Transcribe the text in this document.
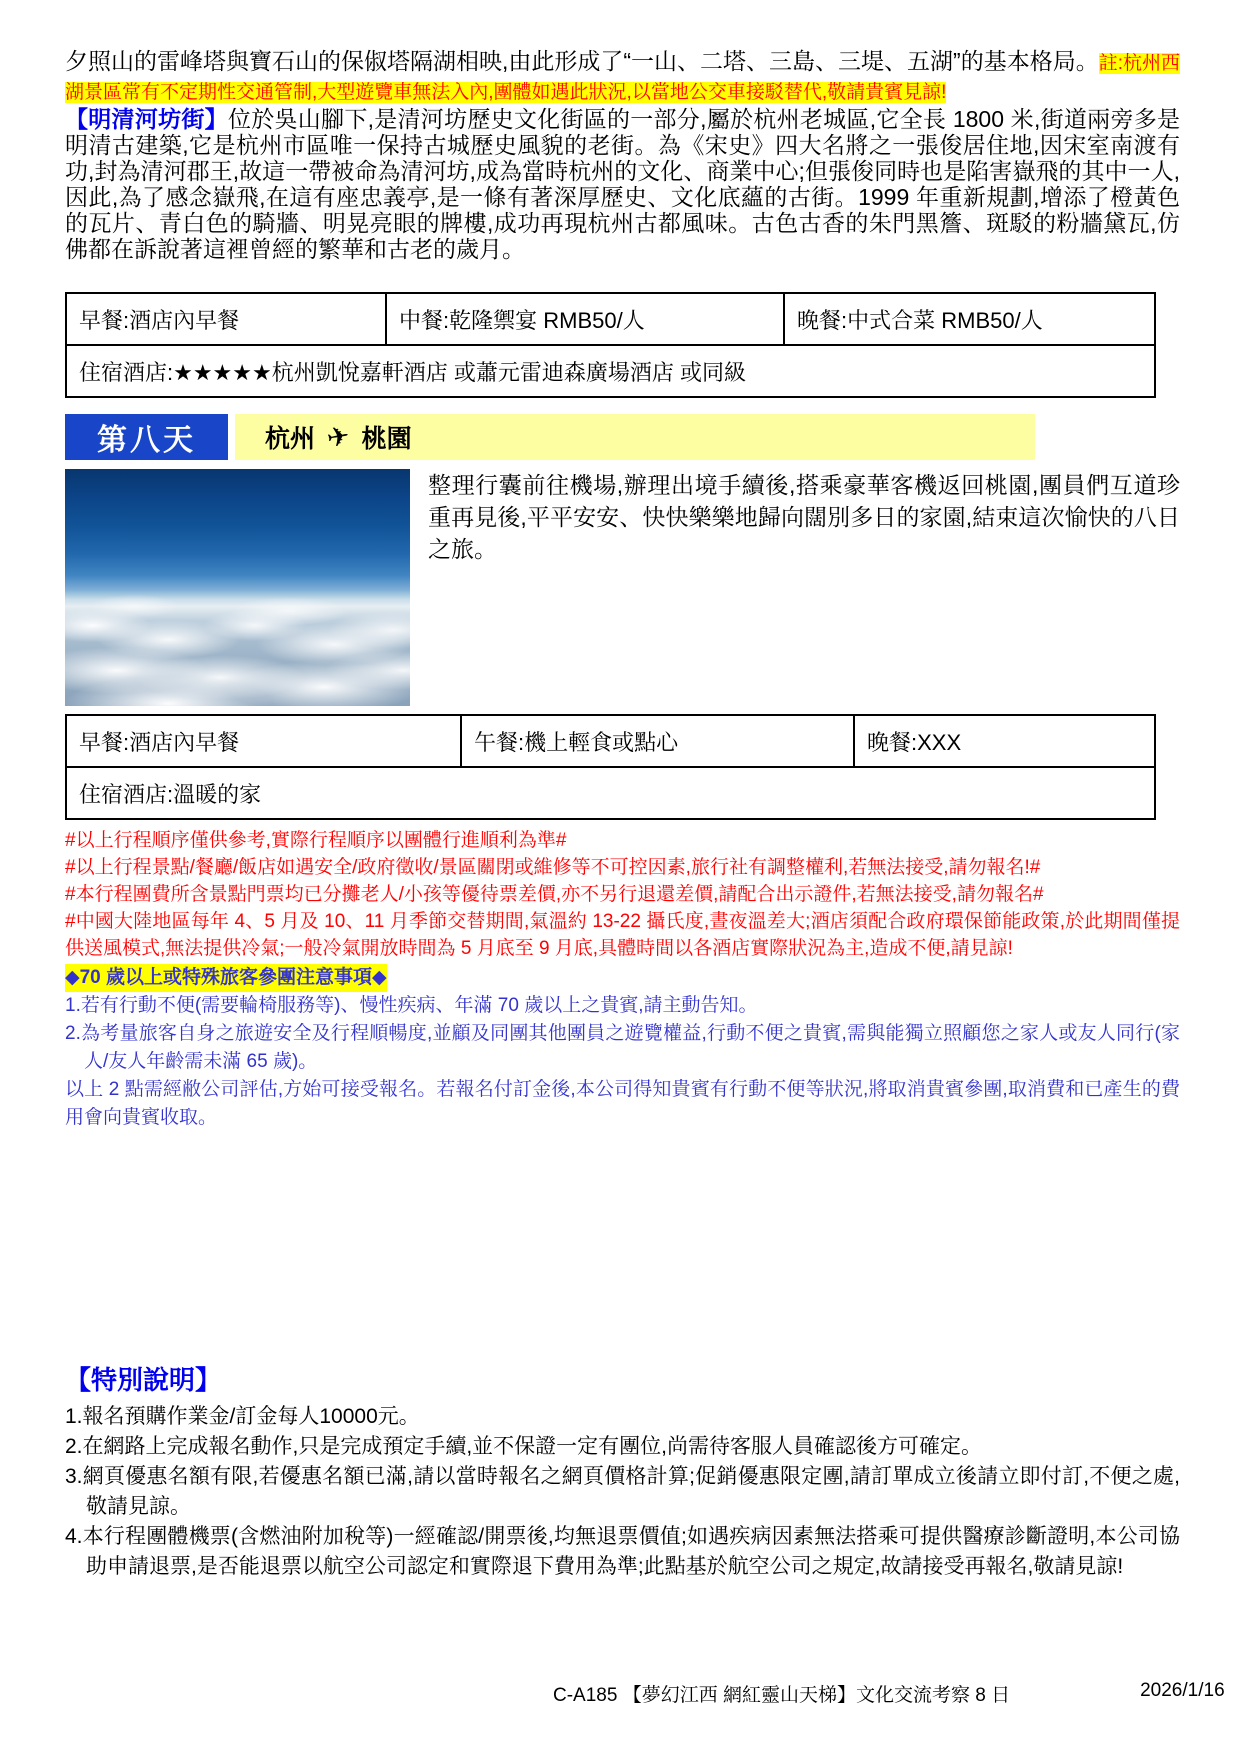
夕照山的雷峰塔與寶石山的保俶塔隔湖相映,由此形成了“一山、二塔、三島、三堤、五湖”的基本格局。註:杭州西湖景區常有不定期性交通管制,大型遊覽車無法入內,團體如遇此狀況,以當地公交車接駁替代,敬請貴賓見諒!

【明清河坊街】位於吳山腳下,是清河坊歷史文化街區的一部分,屬於杭州老城區,它全長 1800 米,街道兩旁多是明清古建築,它是杭州市區唯一保持古城歷史風貌的老街。為《宋史》四大名將之一張俊居住地,因宋室南渡有功,封為清河郡王,故這一帶被命為清河坊,成為當時杭州的文化、商業中心;但張俊同時也是陷害嶽飛的其中一人,因此,為了感念嶽飛,在這有座忠義亭,是一條有著深厚歷史、文化底蘊的古街。1999 年重新規劃,增添了橙黃色的瓦片、青白色的騎牆、明晃亮眼的牌樓,成功再現杭州古都風味。古色古香的朱門黑簷、斑駁的粉牆黛瓦,仿佛都在訴說著這裡曾經的繁華和古老的歲月。

早餐:酒店內早餐	中餐:乾隆禦宴 RMB50/人	晚餐:中式合菜 RMB50/人
住宿酒店:★★★★★杭州凱悅嘉軒酒店 或蕭元雷迪森廣場酒店 或同級
第八天	杭州 ✈ 桃園

整理行囊前往機場,辦理出境手續後,搭乘豪華客機返回桃園,團員們互道珍重再見後,平平安安、快快樂樂地歸向闊別多日的家園,結束這次愉快的八日之旅。

早餐:酒店內早餐	午餐:機上輕食或點心	晚餐:XXX
住宿酒店:溫暖的家

#以上行程順序僅供參考,實際行程順序以團體行進順利為準#

#以上行程景點/餐廳/飯店如遇安全/政府徵收/景區關閉或維修等不可控因素,旅行社有調整權利,若無法接受,請勿報名!#

#本行程團費所含景點門票均已分攤老人/小孩等優待票差價,亦不另行退還差價,請配合出示證件,若無法接受,請勿報名#

#中國大陸地區每年 4、5 月及 10、11 月季節交替期間,氣溫約 13-22 攝氏度,晝夜溫差大;酒店須配合政府環保節能政策,於此期間僅提供送風模式,無法提供冷氣;一般冷氣開放時間為 5 月底至 9 月底,具體時間以各酒店實際狀況為主,造成不便,請見諒!

◆70 歲以上或特殊旅客參團注意事項◆

1.若有行動不便(需要輪椅服務等)、慢性疾病、年滿 70 歲以上之貴賓,請主動告知。

2.為考量旅客自身之旅遊安全及行程順暢度,並顧及同團其他團員之遊覽權益,行動不便之貴賓,需與能獨立照顧您之家人或友人同行(家人/友人年齡需未滿 65 歲)。

以上 2 點需經敝公司評估,方始可接受報名。若報名付訂金後,本公司得知貴賓有行動不便等狀況,將取消貴賓參團,取消費和已產生的費用會向貴賓收取。

【特別說明】

1.報名預購作業金/訂金每人10000元。

2.在網路上完成報名動作,只是完成預定手續,並不保證一定有團位,尚需待客服人員確認後方可確定。

3.網頁優惠名額有限,若優惠名額已滿,請以當時報名之網頁價格計算;促銷優惠限定團,請訂單成立後請立即付訂,不便之處,敬請見諒。

4.本行程團體機票(含燃油附加稅等)一經確認/開票後,均無退票價值;如遇疾病因素無法搭乘可提供醫療診斷證明,本公司協助申請退票,是否能退票以航空公司認定和實際退下費用為準;此點基於航空公司之規定,故請接受再報名,敬請見諒!

C-A185 【夢幻江西 網紅靈山天梯】文化交流考察 8 日	2026/1/16
